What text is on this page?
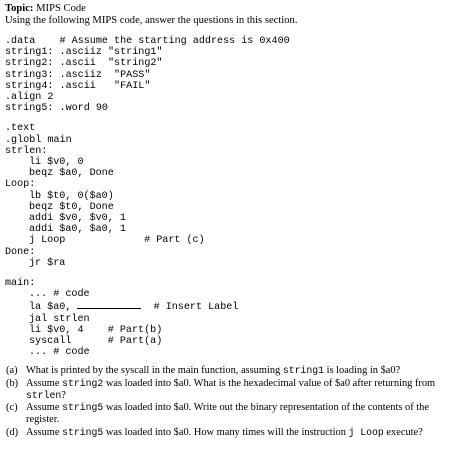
Topic: MIPS Code
Using the following MIPS code, answer the questions in this section.
.data    # Assume the starting address is 0x400
string1: .asciiz "string1"
string2: .ascii  "string2"
string3: .asciiz  "PASS"
string4: .ascii   "FAIL"
.align 2
string5: .word 90
.text
.globl main
strlen:
li $v0, 0
beqz $a0, Done
Loop:
lb $t0, 0($a0)
beqz $t0, Done
addi $v0, $v0, 1
addi $a0, $a0, 1
j Loop             # Part (c)
Done:
jr $ra
main:
... # code
la $a0,	# Insert Label
jal strlen
li $v0, 4    # Part(b)
syscall      # Part(a)
... # code
(a) What is printed by the syscall in the main function, assuming string1 is loading in $a0?
(b) Assume string2 was loaded into $a0. What is the hexadecimal value of $a0 after returning from strlen?
(c) Assume string5 was loaded into $a0. Write out the binary representation of the contents of the register.
(d) Assume string5 was loaded into $a0. How many times will the instruction j Loop execute?
